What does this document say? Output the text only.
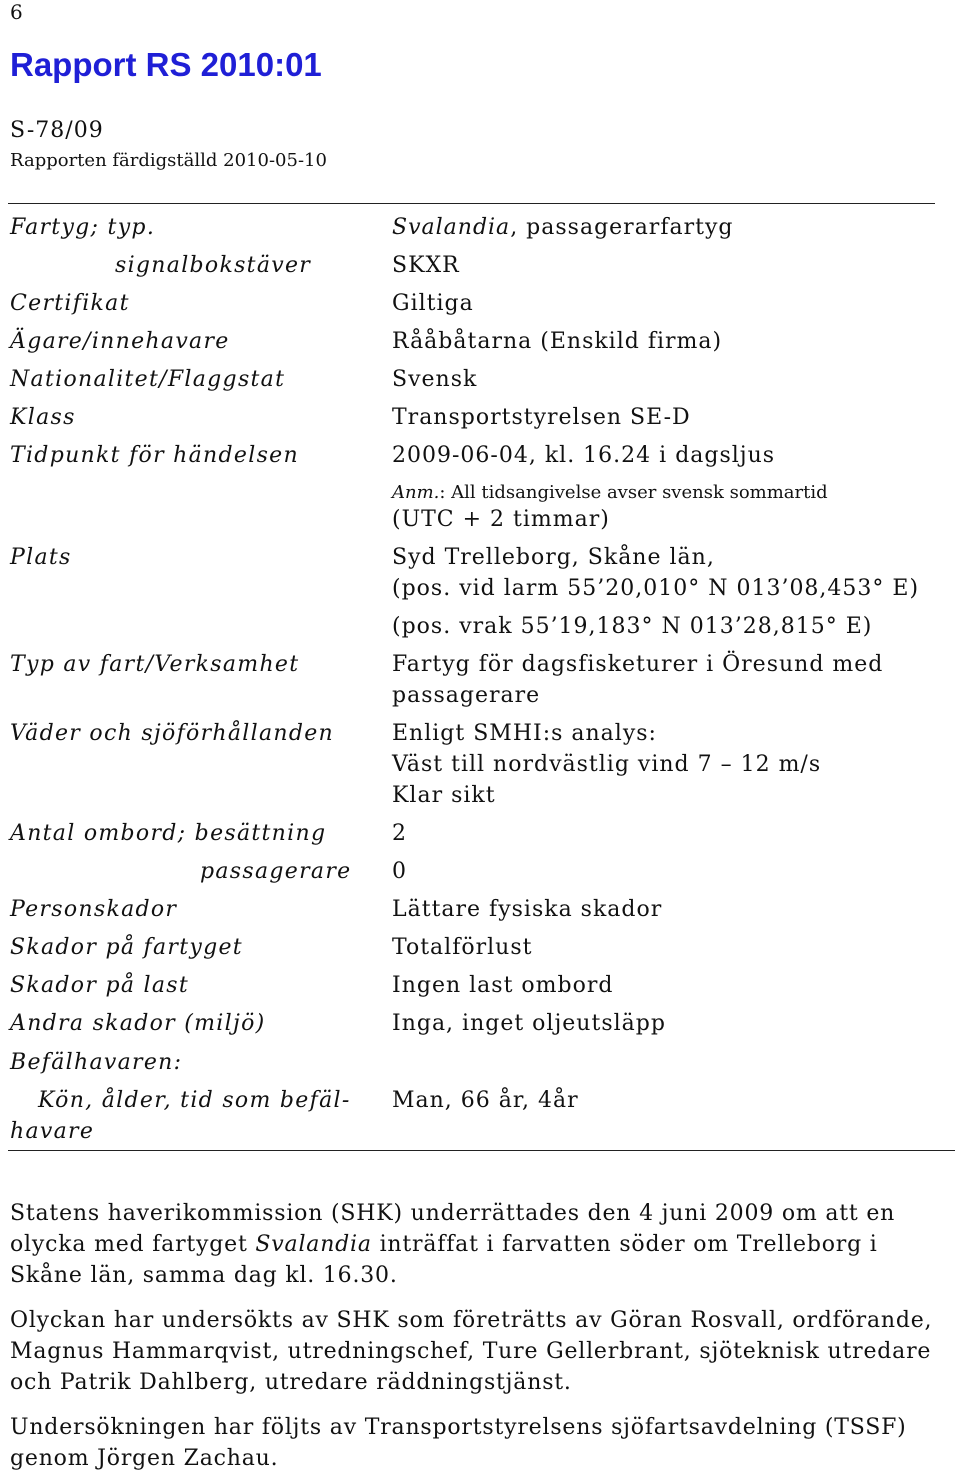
6
Rapport RS 2010:01
S-78/09
Rapporten färdigställd 2010-05-10
Fartyg; typ.
signalbokstäver
Certifikat
Ägare/innehavare
Nationalitet/Flaggstat
Klass
Tidpunkt för händelsen
Plats
Typ av fart/Verksamhet
Väder och sjöförhållanden
Antal ombord; besättning
passagerare
Personskador
Skador på fartyget
Skador på last
Andra skador (miljö)
Befälhavaren:
Kön, ålder, tid som befäl-
havare
Svalandia, passagerarfartyg
SKXR
Giltiga
Rååbåtarna (Enskild firma)
Svensk
Transportstyrelsen SE-D
2009-06-04, kl. 16.24 i dagsljus
Anm.: All tidsangivelse avser svensk sommartid
(UTC + 2 timmar)
Syd Trelleborg, Skåne län,
(pos. vid larm 55’20,010° N 013’08,453° E)
(pos. vrak 55’19,183° N 013’28,815° E)
Fartyg för dagsfisketurer i Öresund med
passagerare
Enligt SMHI:s analys:
Väst till nordvästlig vind 7 – 12 m/s
Klar sikt
2
0
Lättare fysiska skador
Totalförlust
Ingen last ombord
Inga, inget oljeutsläpp
Man, 66 år, 4år

Statens haverikommission (SHK) underrättades den 4 juni 2009 om att en olycka med fartyget Svalandia inträffat i farvatten söder om Trelleborg i Skåne län, samma dag kl. 16.30.

Olyckan har undersökts av SHK som företrätts av Göran Rosvall, ordförande, Magnus Hammarqvist, utredningschef, Ture Gellerbrant, sjöteknisk utredare och Patrik Dahlberg, utredare räddningstjänst.

Undersökningen har följts av Transportstyrelsens sjöfartsavdelning (TSSF) genom Jörgen Zachau.
